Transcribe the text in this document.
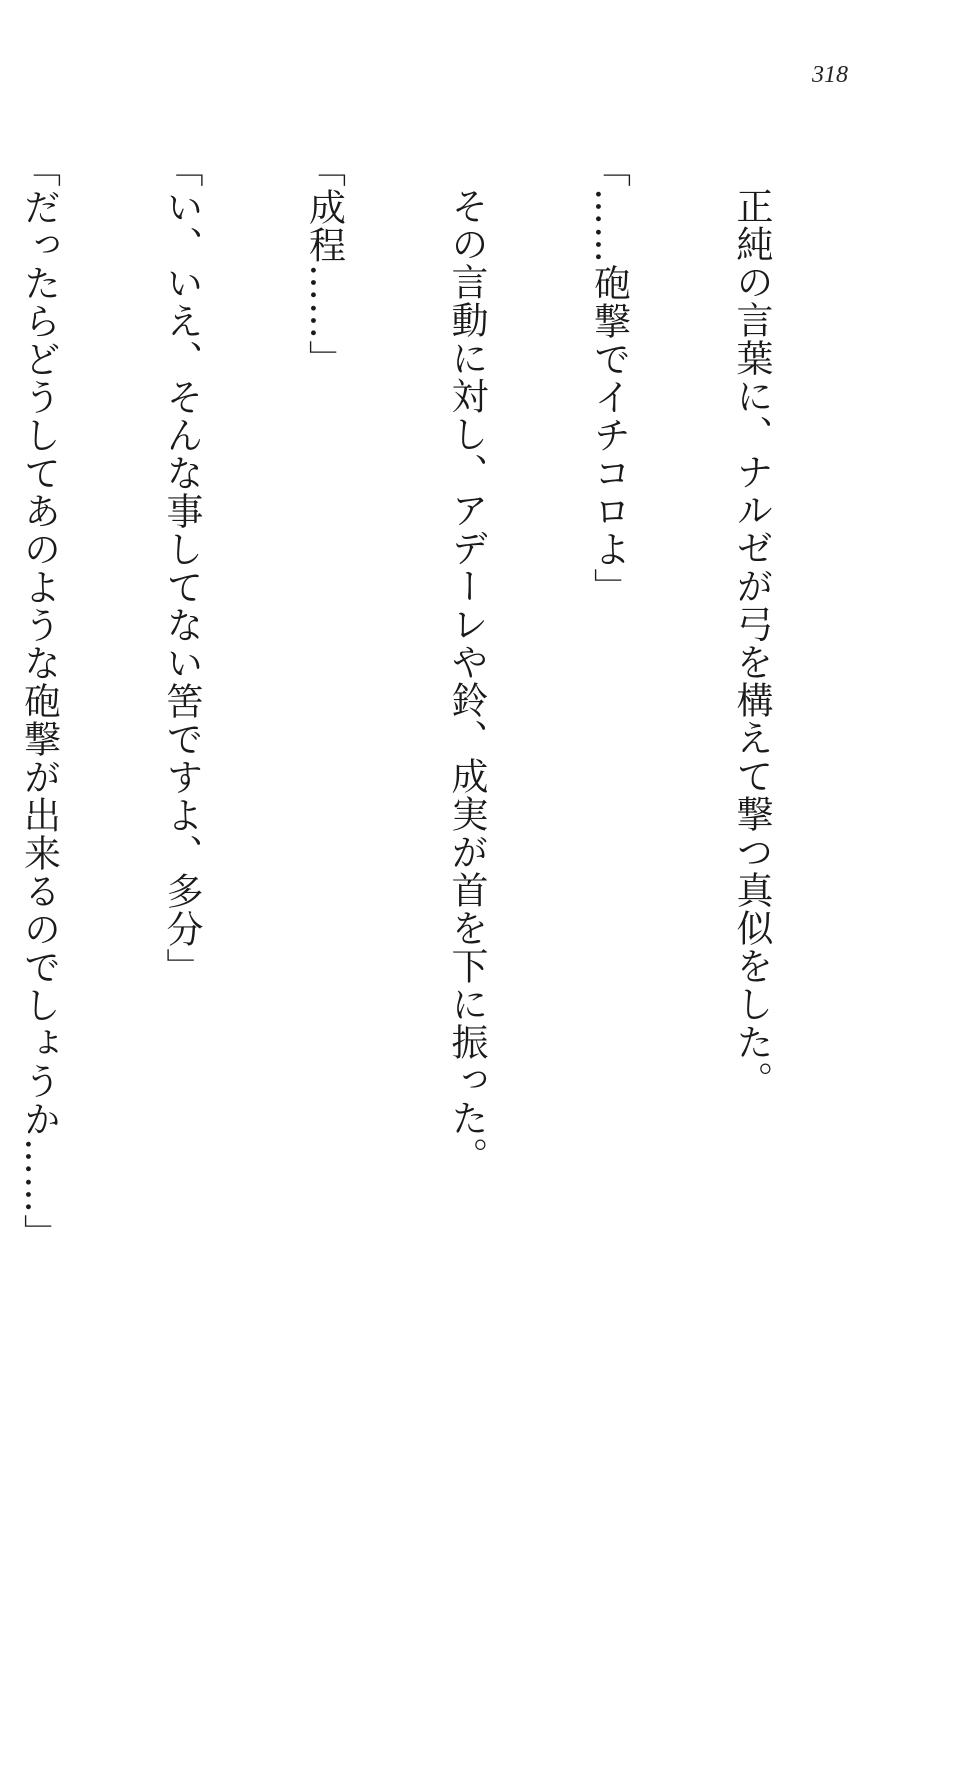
318

正純の言葉に、ナルゼが弓を構えて撃つ真似をした。

「……砲撃でイチコロよ」

その言動に対し、アデーレや鈴、成実が首を下に振った。

「成程……」

「い、いえ、そんな事してない筈ですよ、多分」

「だったらどうしてあのような砲撃が出来るのでしょうか……」
